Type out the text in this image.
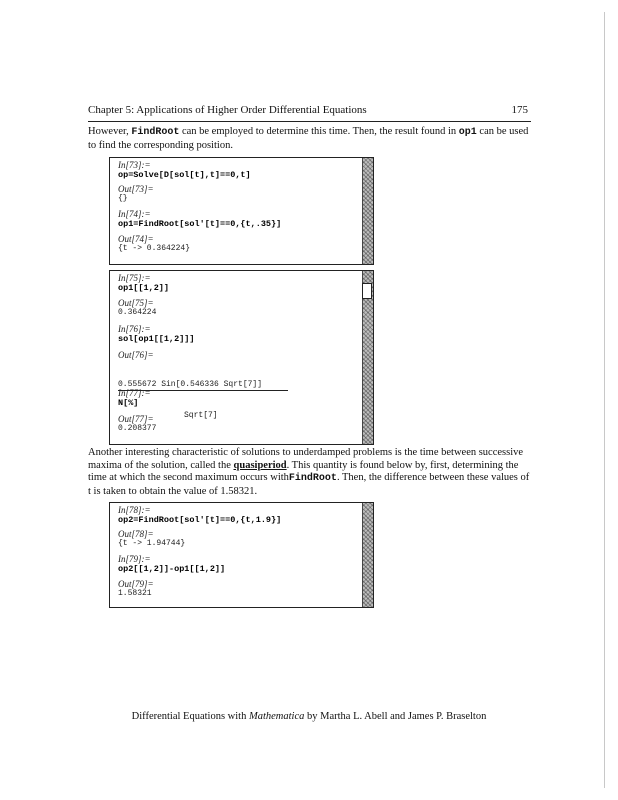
Chapter 5: Applications of Higher Order Differential Equations	175
However, FindRoot can be employed to determine this time. Then, the result found in op1 can be used to find the corresponding position.
In[73]:=
op=Solve[D[sol[t],t]==0,t]
Out[73]=
{}
In[74]:=
op1=FindRoot[sol'[t]==0,{t,.35}]
Out[74]=
{t -> 0.364224}
In[75]:=
op1[[1,2]]
Out[75]=
0.364224
In[76]:=
sol[op1[[1,2]]]
Out[76]=

0.555672 Sin[0.546336 Sqrt[7]]

Sqrt[7]

In[77]:=
N[%]
Out[77]=
0.208377
Another interesting characteristic of solutions to underdamped problems is the time between successive maxima of the solution, called the quasiperiod. This quantity is found below by, first, determining the time at which the second maximum occurs withFindRoot. Then, the difference between these values of t is taken to obtain the value of 1.58321.
In[78]:=
op2=FindRoot[sol'[t]==0,{t,1.9}]
Out[78]=
{t -> 1.94744}
In[79]:=
op2[[1,2]]-op1[[1,2]]
Out[79]=
1.58321
Differential Equations with Mathematica by Martha L. Abell and James P. Braselton
